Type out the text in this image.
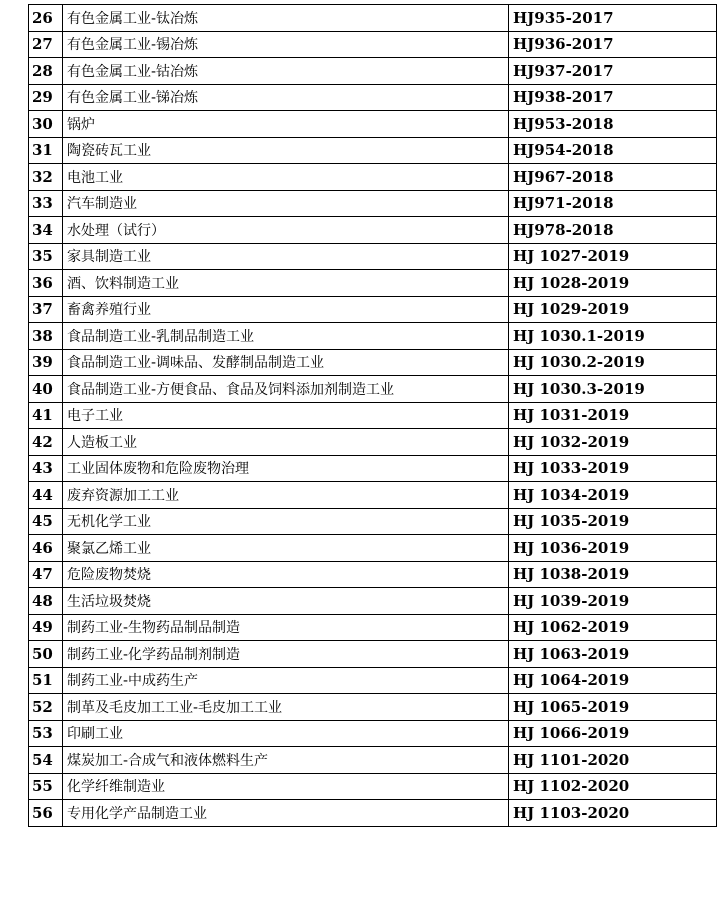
26	有色金属工业-钛冶炼	HJ935-2017
27	有色金属工业-锡冶炼	HJ936-2017
28	有色金属工业-钴冶炼	HJ937-2017
29	有色金属工业-锑冶炼	HJ938-2017
30	锅炉	HJ953-2018
31	陶瓷砖瓦工业	HJ954-2018
32	电池工业	HJ967-2018
33	汽车制造业	HJ971-2018
34	水处理（试行）	HJ978-2018
35	家具制造工业	HJ 1027-2019
36	酒、饮料制造工业	HJ 1028-2019
37	畜禽养殖行业	HJ 1029-2019
38	食品制造工业-乳制品制造工业	HJ 1030.1-2019
39	食品制造工业-调味品、发酵制品制造工业	HJ 1030.2-2019
40	食品制造工业-方便食品、食品及饲料添加剂制造工业	HJ 1030.3-2019
41	电子工业	HJ 1031-2019
42	人造板工业	HJ 1032-2019
43	工业固体废物和危险废物治理	HJ 1033-2019
44	废弃资源加工工业	HJ 1034-2019
45	无机化学工业	HJ 1035-2019
46	聚氯乙烯工业	HJ 1036-2019
47	危险废物焚烧	HJ 1038-2019
48	生活垃圾焚烧	HJ 1039-2019
49	制药工业-生物药品制品制造	HJ 1062-2019
50	制药工业-化学药品制剂制造	HJ 1063-2019
51	制药工业-中成药生产	HJ 1064-2019
52	制革及毛皮加工工业-毛皮加工工业	HJ 1065-2019
53	印刷工业	HJ 1066-2019
54	煤炭加工-合成气和液体燃料生产	HJ 1101-2020
55	化学纤维制造业	HJ 1102-2020
56	专用化学产品制造工业	HJ 1103-2020
